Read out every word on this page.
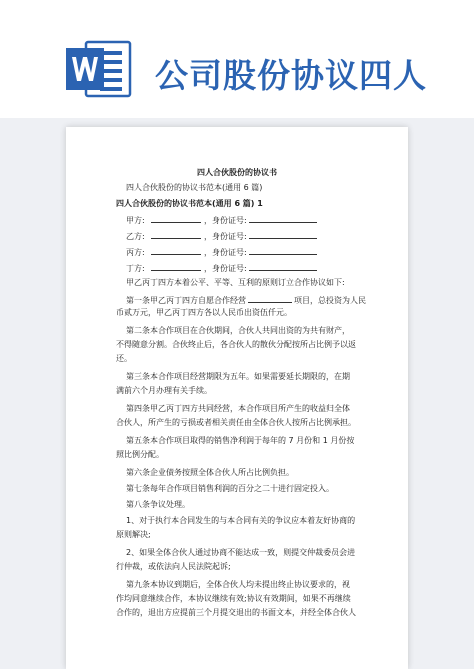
公司股份协议四人
四人合伙股份的协议书
四人合伙股份的协议书范本(通用 6 篇)
四人合伙股份的协议书范本(通用 6 篇) 1
甲方:	，身份证号:
乙方:	，身份证号:
丙方:	，身份证号:
丁方:	，身份证号:
甲乙丙丁四方本着公平、平等、互利的原则订立合作协议如下:
第一条甲乙丙丁四方自愿合作经营	项目，总投资为人民
币贰万元，甲乙丙丁四方各以人民币出资伍仟元。
第二条本合作项目在合伙期间，合伙人共同出资的为共有财产，
不得随意分割。合伙终止后，各合伙人的散伙分配按所占比例予以返
还。
第三条本合作项目经营期限为五年。如果需要延长期限的，在期
满前六个月办理有关手续。
第四条甲乙丙丁四方共同经营，本合作项目所产生的收益归全体
合伙人，所产生的亏损或者相关责任由全体合伙人按所占比例承担。
第五条本合作项目取得的销售净利润于每年的 7 月份和 1 月份按
照比例分配。
第六条企业债务按照全体合伙人所占比例负担。
第七条每年合作项目销售利润的百分之二十进行固定投入。
第八条争议处理。
1、对于执行本合同发生的与本合同有关的争议应本着友好协商的
原则解决;
2、如果全体合伙人通过协商不能达成一致，则提交仲裁委员会进
行仲裁，或依法向人民法院起诉;
第九条本协议到期后，全体合伙人均未提出终止协议要求的，视
作均同意继续合作，本协议继续有效;协议有效期间，如果不再继续
合作的，退出方应提前三个月提交退出的书面文本，并经全体合伙人
